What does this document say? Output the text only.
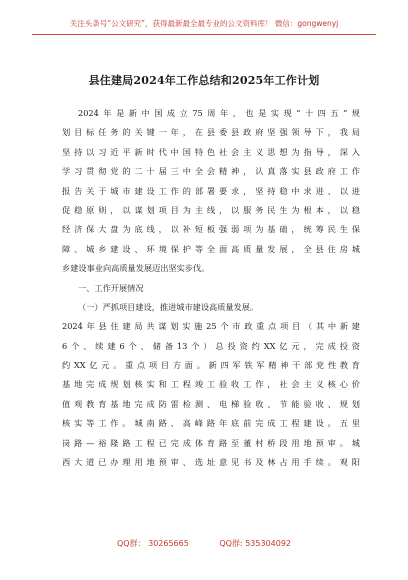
关注头条号“公文研究”，获得最新最全最专业的公文资料库！ 微信：gongwenyj
县住建局2024年工作总结和2025年工作计划
2024年是新中国成立75周年，也是实现“十四五”规
划目标任务的关键一年，在县委县政府坚强领导下，我局
坚持以习近平新时代中国特色社会主义思想为指导，深入
学习贯彻党的二十届三中全会精神，认真落实县政府工作
报告关于城市建设工作的部署要求，坚持稳中求进、以进
促稳原则，以谋划项目为主线，以服务民生为根本，以稳
经济保大盘为底线，以补短板强弱项为基础，统筹民生保
障、城乡建设、环境保护等全面高质量发展，全县住房城
乡建设事业向高质量发展迈出坚实步伐。
一、工作开展情况
（一）严抓项目建设，推进城市建设高质量发展。
2024年县住建局共谋划实施25个市政重点项目（其中新建
6个、续建6个、储备13个）总投资约XX亿元，完成投资
约XX亿元。重点项目方面。新四军铁军精神干部党性教育
基地完成规划核实和工程竣工验收工作，社会主义核心价
值观教育基地完成防雷检测、电梯验收、节能验收、规划
核实等工作。城南路、高峰路年底前完成工程建设。五里
岗路—裕隆路工程已完成体育路至董村桥段用地预审。城
西大道已办理用地预审、选址意见书及林占用手续。观阳
QQ群： 30265665	QQ群: 535304092
